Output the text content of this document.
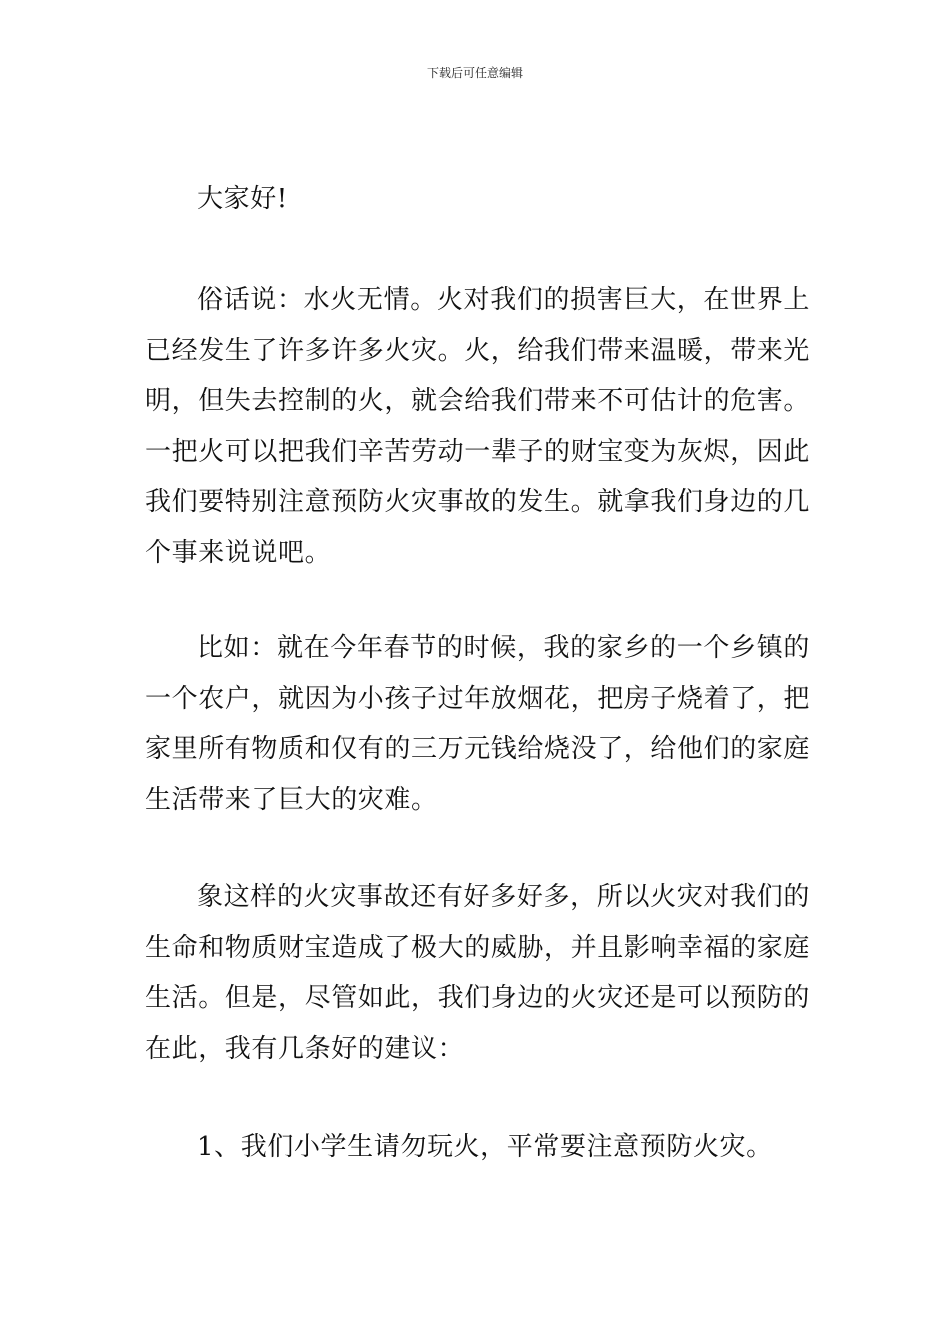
下载后可任意编辑

大家好!

俗话说：水火无情。火对我们的损害巨大，在世界上已经发生了许多许多火灾。火，给我们带来温暖，带来光明，但失去控制的火，就会给我们带来不可估计的危害。一把火可以把我们辛苦劳动一辈子的财宝变为灰烬，因此我们要特别注意预防火灾事故的发生。就拿我们身边的几个事来说说吧。

比如：就在今年春节的时候，我的家乡的一个乡镇的一个农户，就因为小孩子过年放烟花，把房子烧着了，把家里所有物质和仅有的三万元钱给烧没了，给他们的家庭生活带来了巨大的灾难。

象这样的火灾事故还有好多好多，所以火灾对我们的生命和物质财宝造成了极大的威胁，并且影响幸福的家庭生活。但是，尽管如此，我们身边的火灾还是可以预防的在此，我有几条好的建议：

1、我们小学生请勿玩火，平常要注意预防火灾。
